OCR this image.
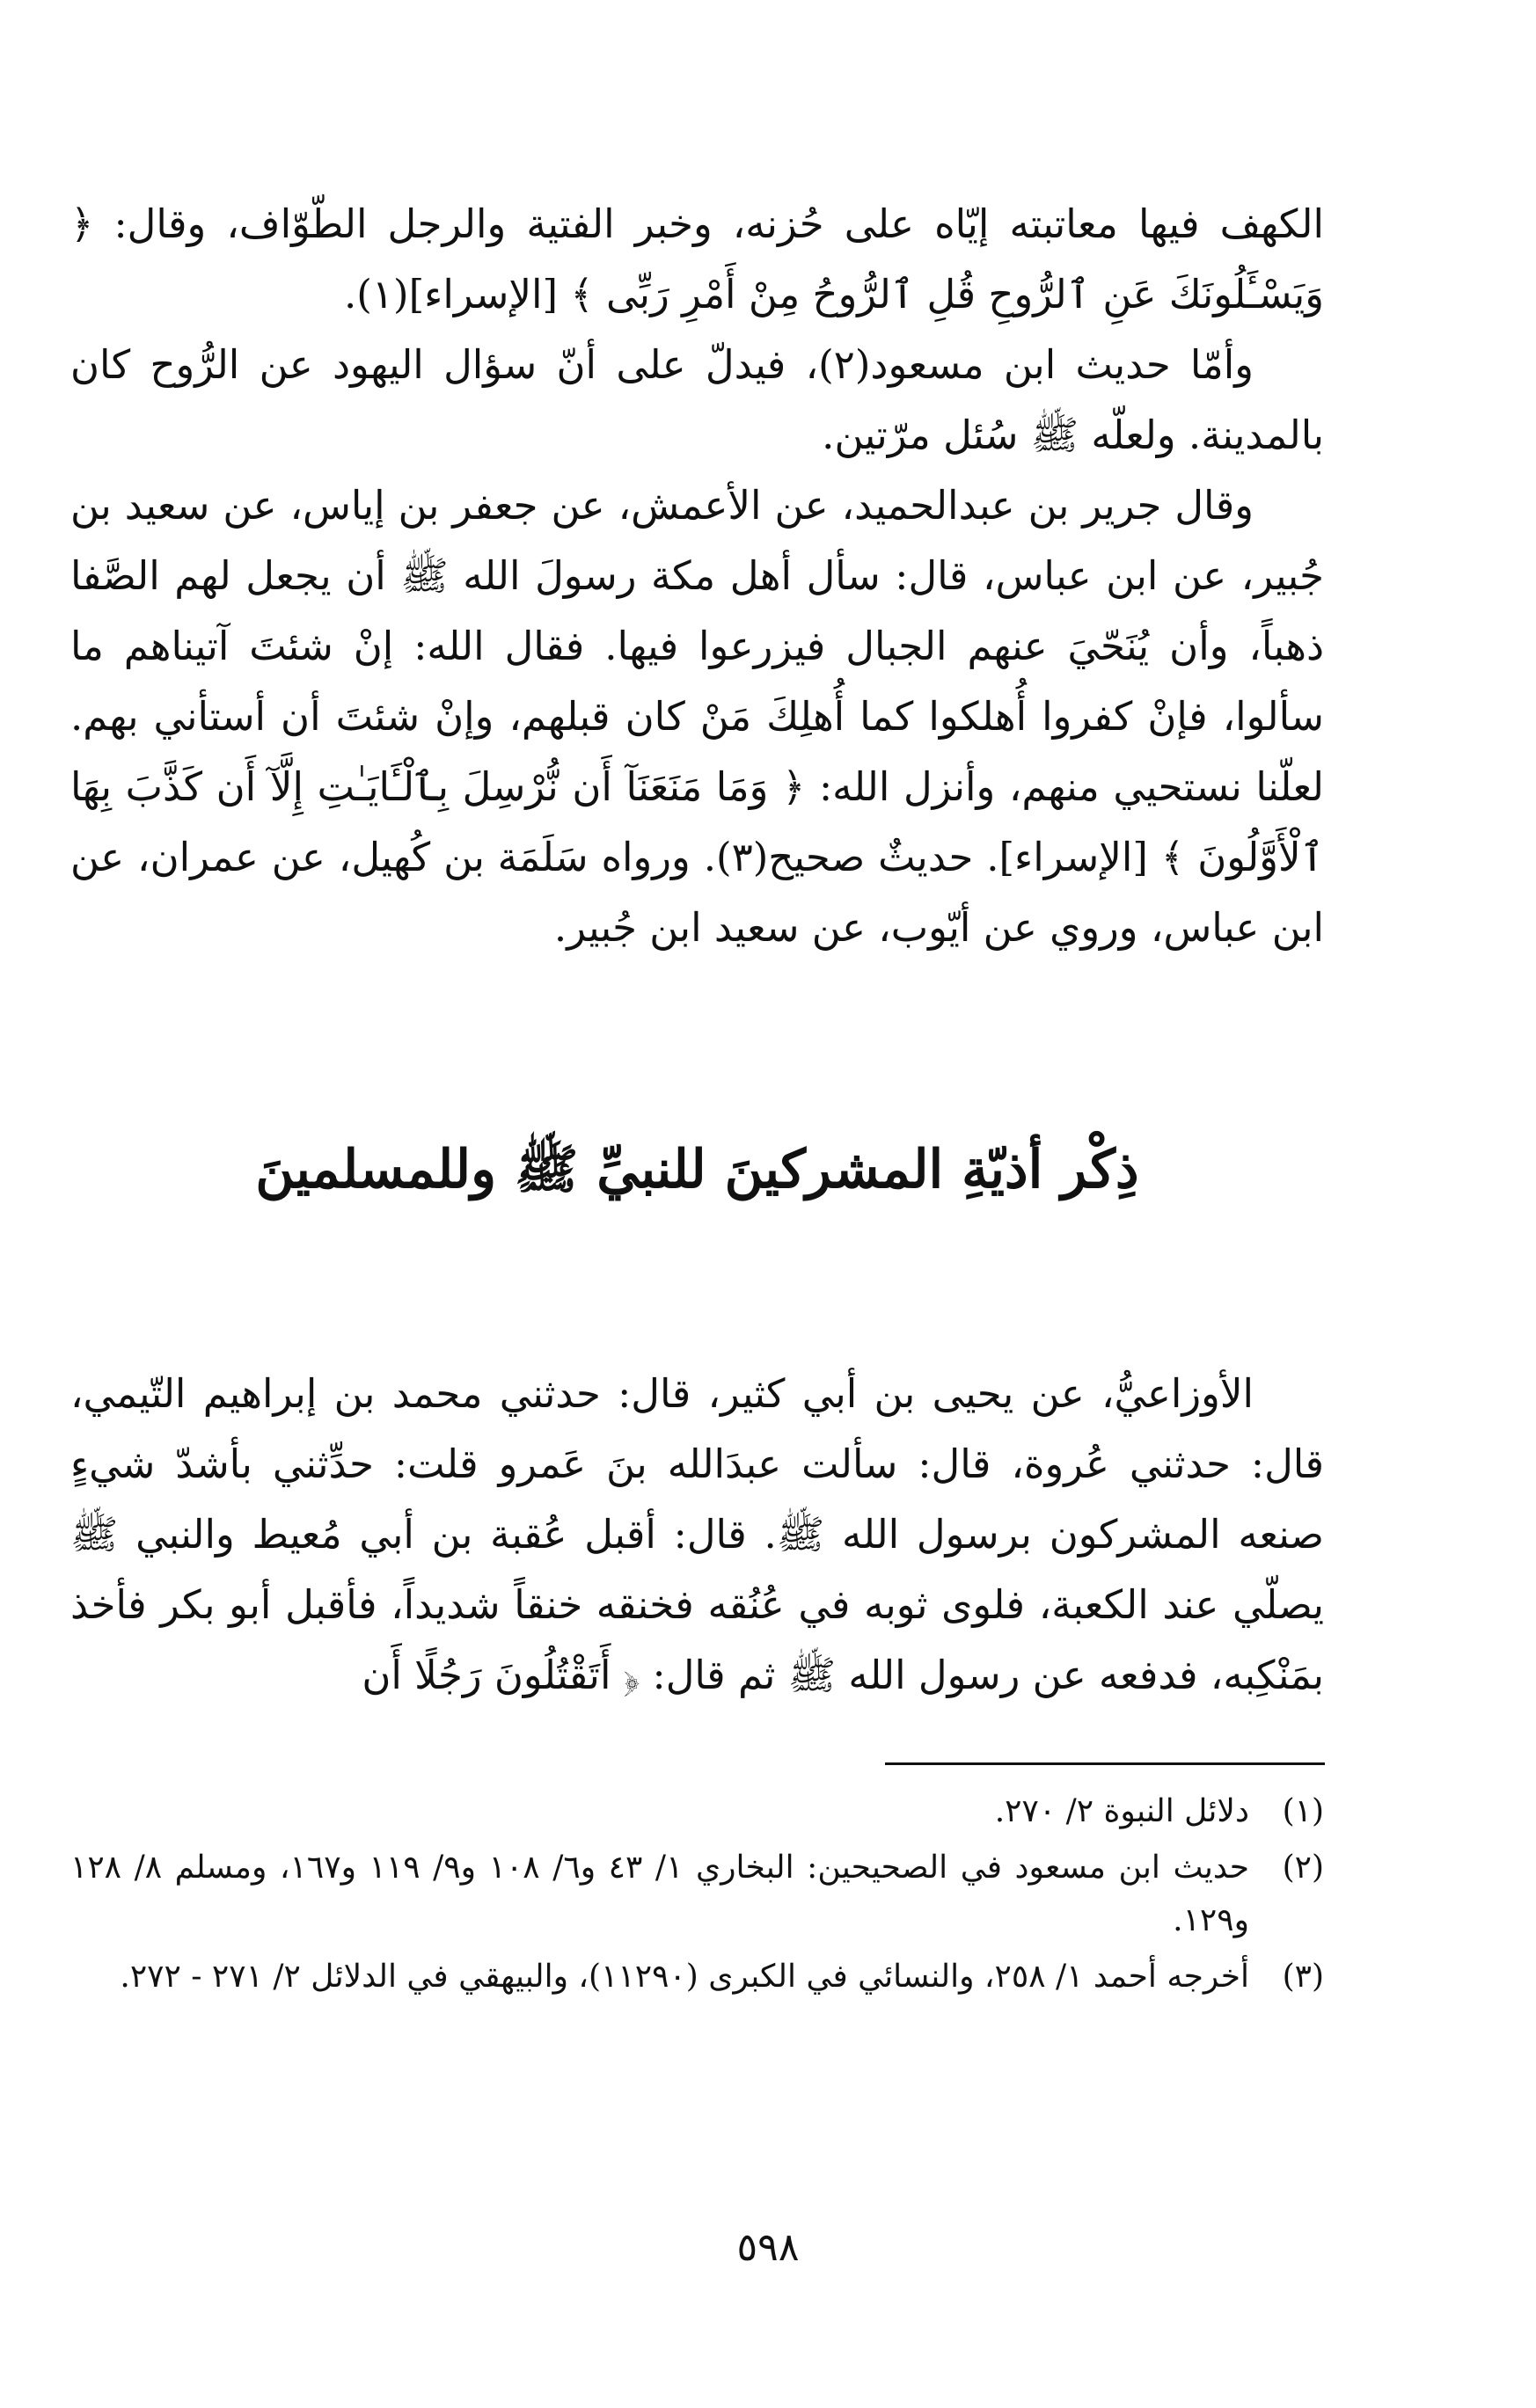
الكهف فيها معاتبته إيّاه على حُزنه، وخبر الفتية والرجل الطّوّاف، وقال: ﴿ وَيَسْـَٔلُونَكَ عَنِ ٱلرُّوحِ قُلِ ٱلرُّوحُ مِنْ أَمْرِ رَبِّى ﴾ [الإسراء](١).

وأمّا حديث ابن مسعود(٢)، فيدلّ على أنّ سؤال اليهود عن الرُّوح كان بالمدينة. ولعلّه ﷺ سُئل مرّتين.

وقال جرير بن عبدالحميد، عن الأعمش، عن جعفر بن إياس، عن سعيد بن جُبير، عن ابن عباس، قال: سأل أهل مكة رسولَ الله ﷺ أن يجعل لهم الصَّفا ذهباً، وأن يُنَحّيَ عنهم الجبال فيزرعوا فيها. فقال الله: إنْ شئتَ آتيناهم ما سألوا، فإنْ كفروا أُهلكوا كما أُهلِكَ مَنْ كان قبلهم، وإنْ شئتَ أن أستأني بهم. لعلّنا نستحيي منهم، وأنزل الله: ﴿ وَمَا مَنَعَنَآ أَن نُّرْسِلَ بِٱلْـَٔايَـٰتِ إِلَّآ أَن كَذَّبَ بِهَا ٱلْأَوَّلُونَ ﴾ [الإسراء]. حديثٌ صحيح(٣). ورواه سَلَمَة بن كُهيل، عن عمران، عن ابن عباس، وروي عن أيّوب، عن سعيد ابن جُبير.

ذِكْر أذيّةِ المشركينَ للنبيِّ ﷺ وللمسلمينَ

الأوزاعيُّ، عن يحيى بن أبي كثير، قال: حدثني محمد بن إبراهيم التّيمي، قال: حدثني عُروة، قال: سألت عبدَالله بنَ عَمرو قلت: حدِّثني بأشدّ شيءٍ صنعه المشركون برسول الله ﷺ. قال: أقبل عُقبة بن أبي مُعيط والنبي ﷺ يصلّي عند الكعبة، فلوى ثوبه في عُنُقه فخنقه خنقاً شديداً، فأقبل أبو بكر فأخذ بمَنْكِبه، فدفعه عن رسول الله ﷺ ثم قال: ﴿ أَتَقْتُلُونَ رَجُلًا أَن

(١)
دلائل النبوة ٢/ ٢٧٠.
(٢)
حديث ابن مسعود في الصحيحين: البخاري ١/ ٤٣ و٦/ ١٠٨ و٩/ ١١٩ و١٦٧، ومسلم ٨/ ١٢٨ و١٢٩.
(٣)
أخرجه أحمد ١/ ٢٥٨، والنسائي في الكبرى (١١٢٩٠)، والبيهقي في الدلائل ٢/ ٢٧١ - ٢٧٢.
٥٩٨
